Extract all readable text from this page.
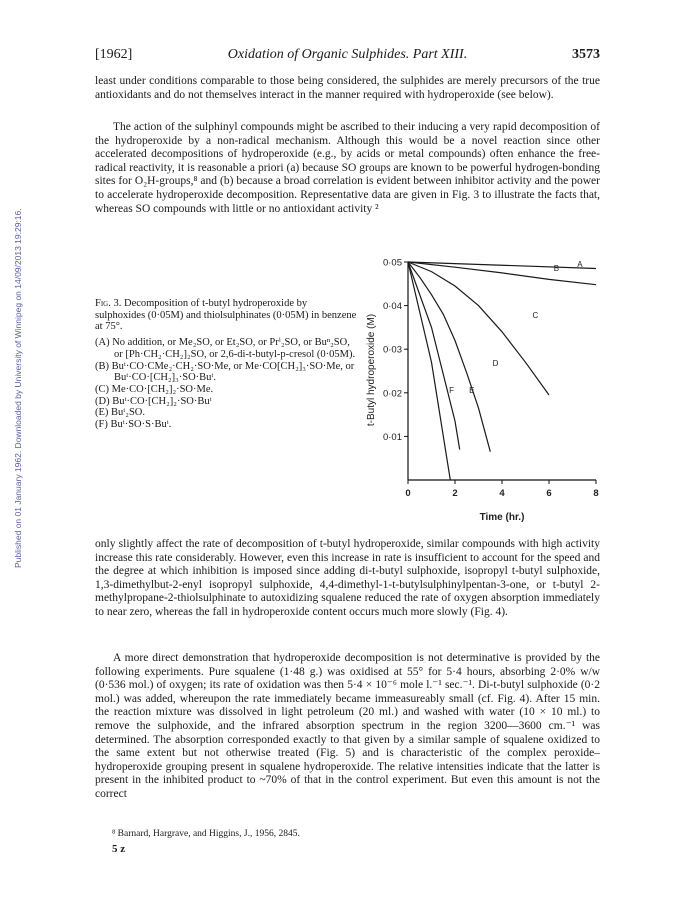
Published on 01 January 1962. Downloaded by University of Winnipeg on 14/09/2013 19:29:16.
[1962]	Oxidation of Organic Sulphides. Part XIII.	3573

least under conditions comparable to those being considered, the sulphides are merely precursors of the true antioxidants and do not themselves interact in the manner required with hydroperoxide (see below).

The action of the sulphinyl compounds might be ascribed to their inducing a very rapid decomposition of the hydroperoxide by a non-radical mechanism. Although this would be a novel reaction since other accelerated decompositions of hydroperoxide (e.g., by acids or metal compounds) often enhance the free-radical reactivity, it is reasonable a priori (a) because SO groups are known to be powerful hydrogen-bonding sites for O₂H-groups,⁸ and (b) because a broad correlation is evident between inhibitor activity and the power to accelerate hydroperoxide decomposition. Representative data are given in Fig. 3 to illustrate the facts that, whereas SO compounds with little or no antioxidant activity ²

Fig. 3. Decomposition of t-butyl hydroperoxide by sulphoxides (0·05M) and thiolsulphinates (0·05M) in benzene at 75°.

(A) No addition, or Me₂SO, or Et₂SO, or Prⁱ₂SO, or Buⁿ₂SO, or [Ph·CH₂·CH₂]₂SO, or 2,6-di-t-butyl-p-cresol (0·05M).
(B) Buᵗ·CO·CMe₂·CH₂·SO·Me, or Me·CO[CH₂]₃·SO·Me, or Buᵗ·CO·[CH₂]₃·SO·Buᵗ.
(C) Me·CO·[CH₂]₂·SO·Me.
(D) Buᵗ·CO·[CH₂]₂·SO·Buᵗ
(E) Buᵗ₂SO.
(F) Buᵗ·SO·S·Buᵗ.
0·01
0·02
0·03
0·04
0·05
0	2	4	6	8
A
B
C
D
E
F
t-Butyl hydroperoxide (M)
Time (hr.)

only slightly affect the rate of decomposition of t-butyl hydroperoxide, similar compounds with high activity increase this rate considerably. However, even this increase in rate is insufficient to account for the speed and the degree at which inhibition is imposed since adding di-t-butyl sulphoxide, isopropyl t-butyl sulphoxide, 1,3-dimethylbut-2-enyl isopropyl sulphoxide, 4,4-dimethyl-1-t-butylsulphinylpentan-3-one, or t-butyl 2-methylpropane-2-thiolsulphinate to autoxidizing squalene reduced the rate of oxygen absorption immediately to near zero, whereas the fall in hydroperoxide content occurs much more slowly (Fig. 4).

A more direct demonstration that hydroperoxide decomposition is not determinative is provided by the following experiments. Pure squalene (1·48 g.) was oxidised at 55° for 5·4 hours, absorbing 2·0% w/w (0·536 mol.) of oxygen; its rate of oxidation was then 5·4 × 10⁻⁶ mole l.⁻¹ sec.⁻¹. Di-t-butyl sulphoxide (0·2 mol.) was added, whereupon the rate immediately became immeasureably small (cf. Fig. 4). After 15 min. the reaction mixture was dissolved in light petroleum (20 ml.) and washed with water (10 × 10 ml.) to remove the sulphoxide, and the infrared absorption spectrum in the region 3200—3600 cm.⁻¹ was determined. The absorption corresponded exactly to that given by a similar sample of squalene oxidized to the same extent but not otherwise treated (Fig. 5) and is characteristic of the complex peroxide–hydroperoxide grouping present in squalene hydroperoxide. The relative intensities indicate that the latter is present in the inhibited product to ~70% of that in the control experiment. But even this amount is not the correct

⁸ Barnard, Hargrave, and Higgins, J., 1956, 2845.
5 z
